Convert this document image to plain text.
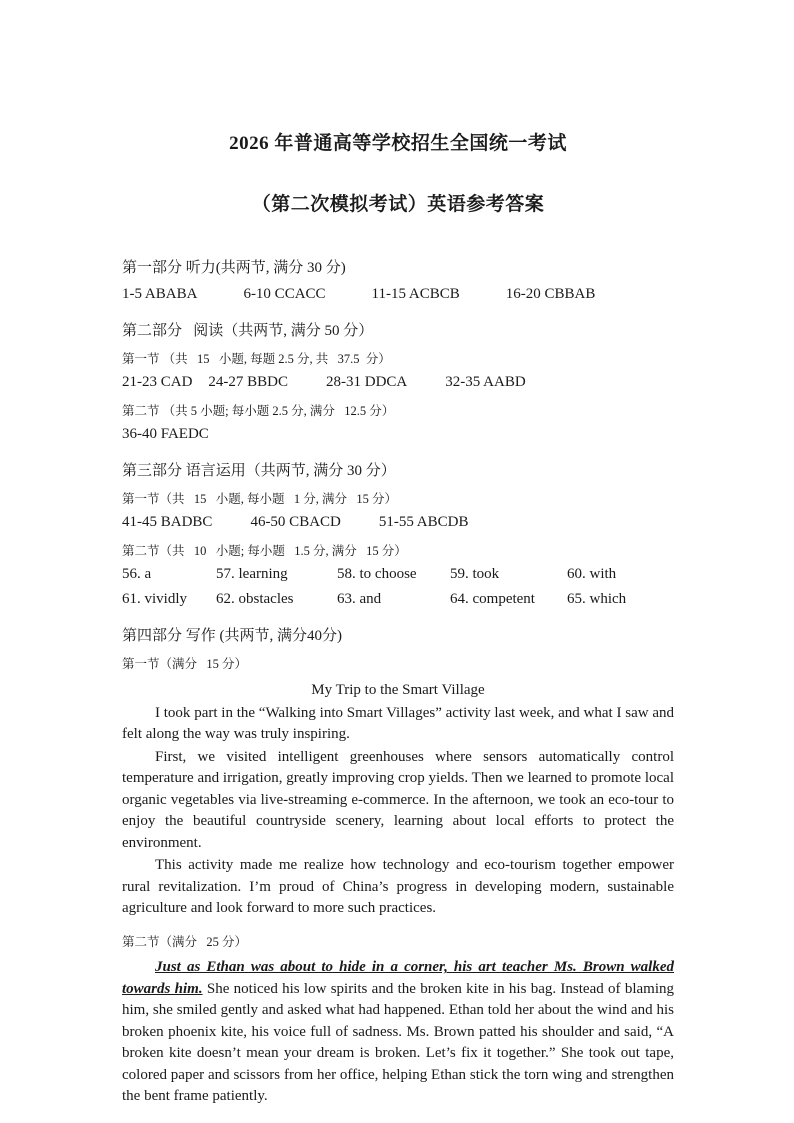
2026 年普通高等学校招生全国统一考试
（第二次模拟考试）英语参考答案
第一部分 听力(共两节, 满分 30 分)
1-5 ABABA	6-10 CCACC	11-15 ACBCB	16-20 CBBAB
第二部分   阅读（共两节, 满分 50 分）
第一节 （共   15   小题, 每题 2.5 分, 共   37.5  分）
21-23 CAD 24-27 BBDC	28-31 DDCA	32-35 AABD
第二节 （共 5 小题; 每小题 2.5 分, 满分   12.5 分）
36-40 FAEDC
第三部分 语言运用（共两节, 满分 30 分）
第一节（共   15   小题, 每小题   1 分, 满分   15 分）
41-45 BADBC	46-50 CBACD	51-55 ABCDB
第二节（共   10   小题; 每小题   1.5 分, 满分   15 分）
56. a	57. learning	58. to choose	59. took	60. with
61. vividly	62. obstacles	63. and	64. competent	65. which
第四部分 写作 (共两节, 满分40分)
第一节（满分   15 分）
My Trip to the Smart Village

I took part in the “Walking into Smart Villages” activity last week, and what I saw and felt along the way was truly inspiring.

First, we visited intelligent greenhouses where sensors automatically control temperature and irrigation, greatly improving crop yields. Then we learned to promote local organic vegetables via live-streaming e-commerce. In the afternoon, we took an eco-tour to enjoy the beautiful countryside scenery, learning about local efforts to protect the environment.

This activity made me realize how technology and eco-tourism together empower rural revitalization. I’m proud of China’s progress in developing modern, sustainable agriculture and look forward to more such practices.

第二节（满分   25 分）

Just as Ethan was about to hide in a corner, his art teacher Ms. Brown walked towards him. She noticed his low spirits and the broken kite in his bag. Instead of blaming him, she smiled gently and asked what had happened. Ethan told her about the wind and his broken phoenix kite, his voice full of sadness. Ms. Brown patted his shoulder and said, “A broken kite doesn’t mean your dream is broken. Let’s fix it together.” She took out tape, colored paper and scissors from her office, helping Ethan stick the torn wing and strengthen the bent frame patiently.
